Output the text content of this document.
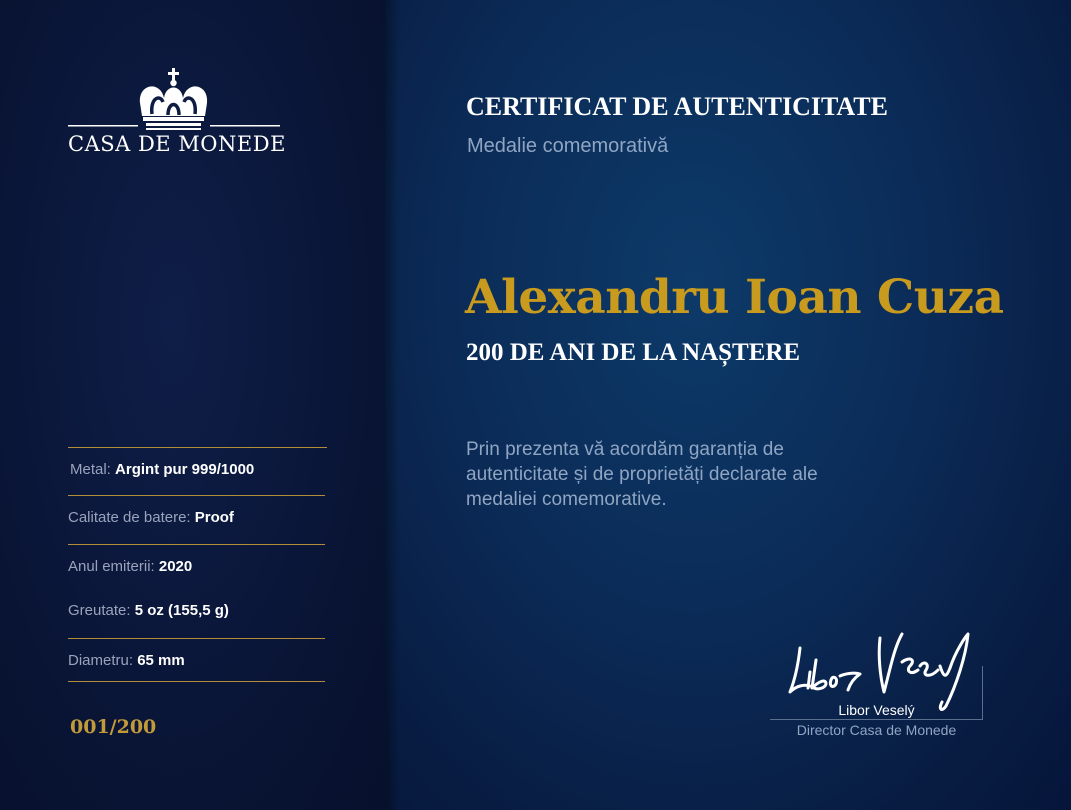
CASA DE MONEDE
Metal: Argint pur 999/1000
Calitate de batere: Proof
Anul emiterii: 2020
Greutate: 5 oz (155,5 g)
Diametru: 65 mm
001/200
CERTIFICAT DE AUTENTICITATE
Medalie comemorativă
Alexandru Ioan Cuza
200 DE ANI DE LA NAȘTERE
Prin prezenta vă acordăm garanția de autenticitate și de proprietăți declarate ale medaliei comemorative.
Libor Veselý
Director Casa de Monede
